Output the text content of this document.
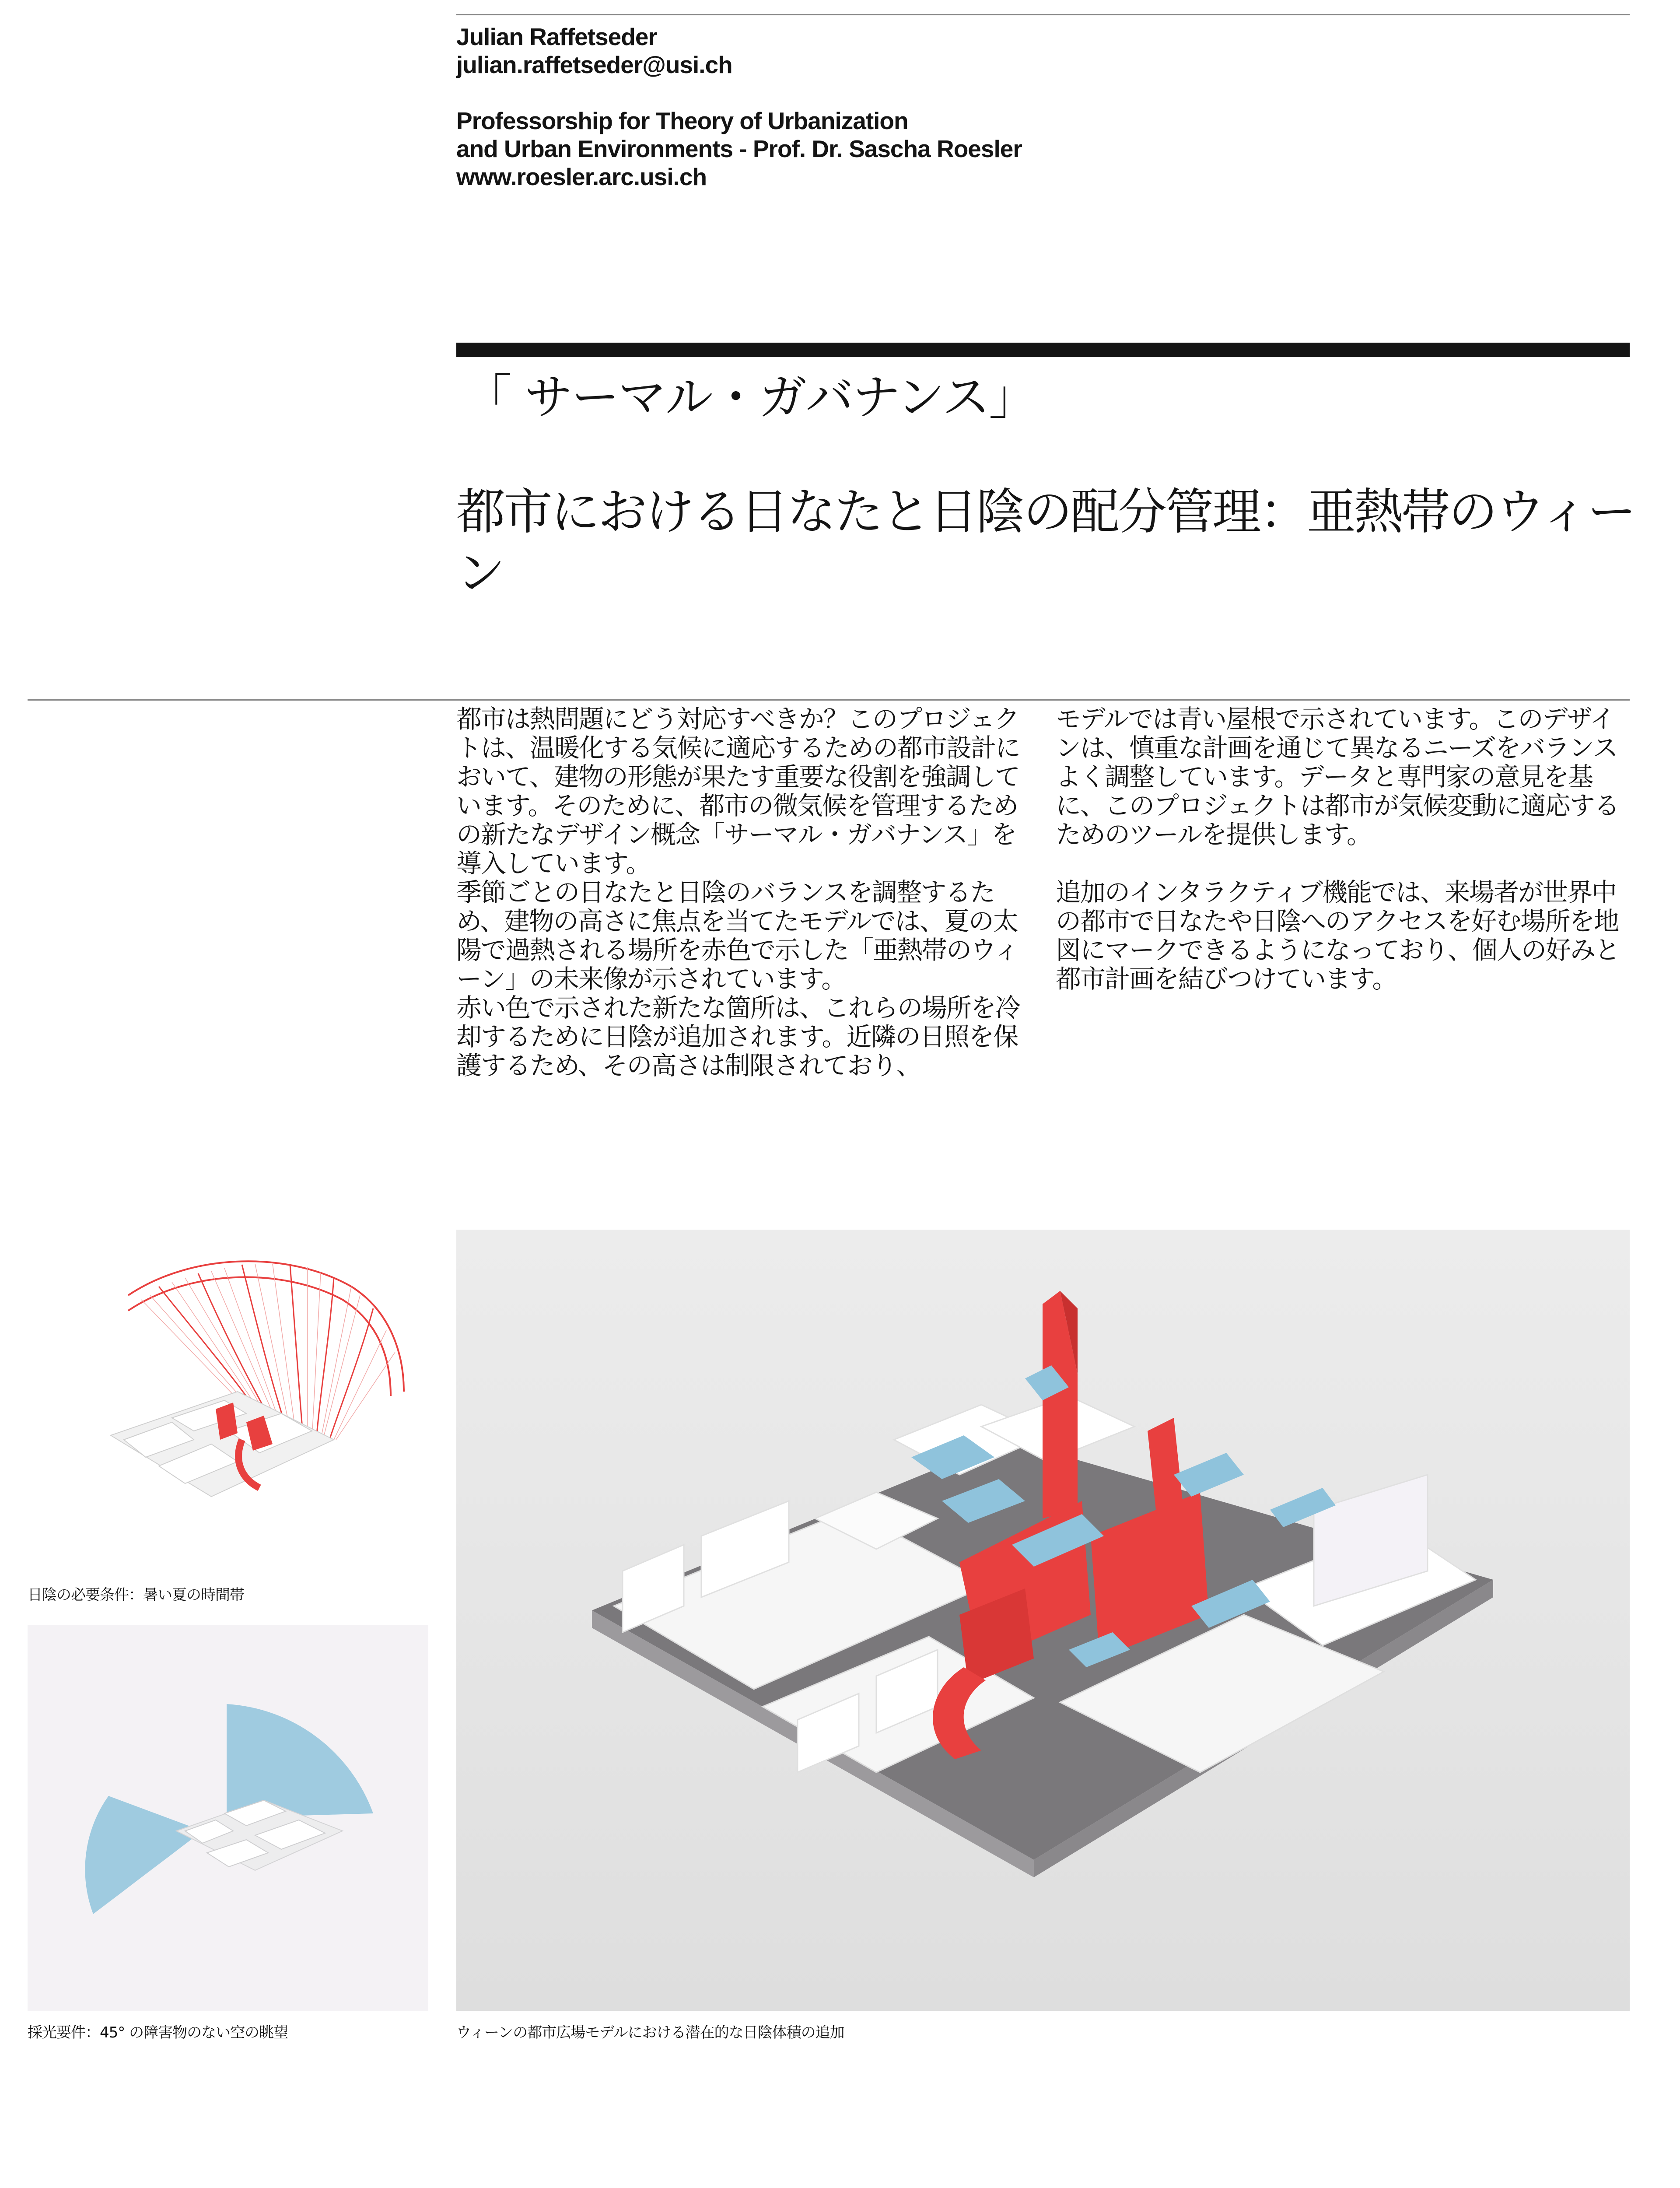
Julian Raffetseder
julian.raffetseder@usi.ch
Professorship for Theory of Urbanization
and Urban Environments - Prof. Dr. Sascha Roesler
www.roesler.arc.usi.ch
「 サーマル・ガバナンス」
都市における日なたと日陰の配分管理：亜熱帯のウィーン

都市は熱問題にどう対応すべきか？このプロジェクトは、温暖化する気候に適応するための都市設計において、建物の形態が果たす重要な役割を強調しています。そのために、都市の微気候を管理するための新たなデザイン概念「サーマル・ガバナンス」を導入しています。

季節ごとの日なたと日陰のバランスを調整するため、建物の高さに焦点を当てたモデルでは、夏の太陽で過熱される場所を赤色で示した「亜熱帯のウィーン」の未来像が示されています。

赤い色で示された新たな箇所は、これらの場所を冷却するために日陰が追加されます。近隣の日照を保護するため、その高さは制限されており、

モデルでは青い屋根で示されています。このデザインは、慎重な計画を通じて異なるニーズをバランスよく調整しています。データと専門家の意見を基に、このプロジェクトは都市が気候変動に適応するためのツールを提供します。

追加のインタラクティブ機能では、来場者が世界中の都市で日なたや日陰へのアクセスを好む場所を地図にマークできるようになっており、個人の好みと都市計画を結びつけています。

日陰の必要条件：暑い夏の時間帯
採光要件：45° の障害物のない空の眺望	ウィーンの都市広場モデルにおける潜在的な日陰体積の追加
